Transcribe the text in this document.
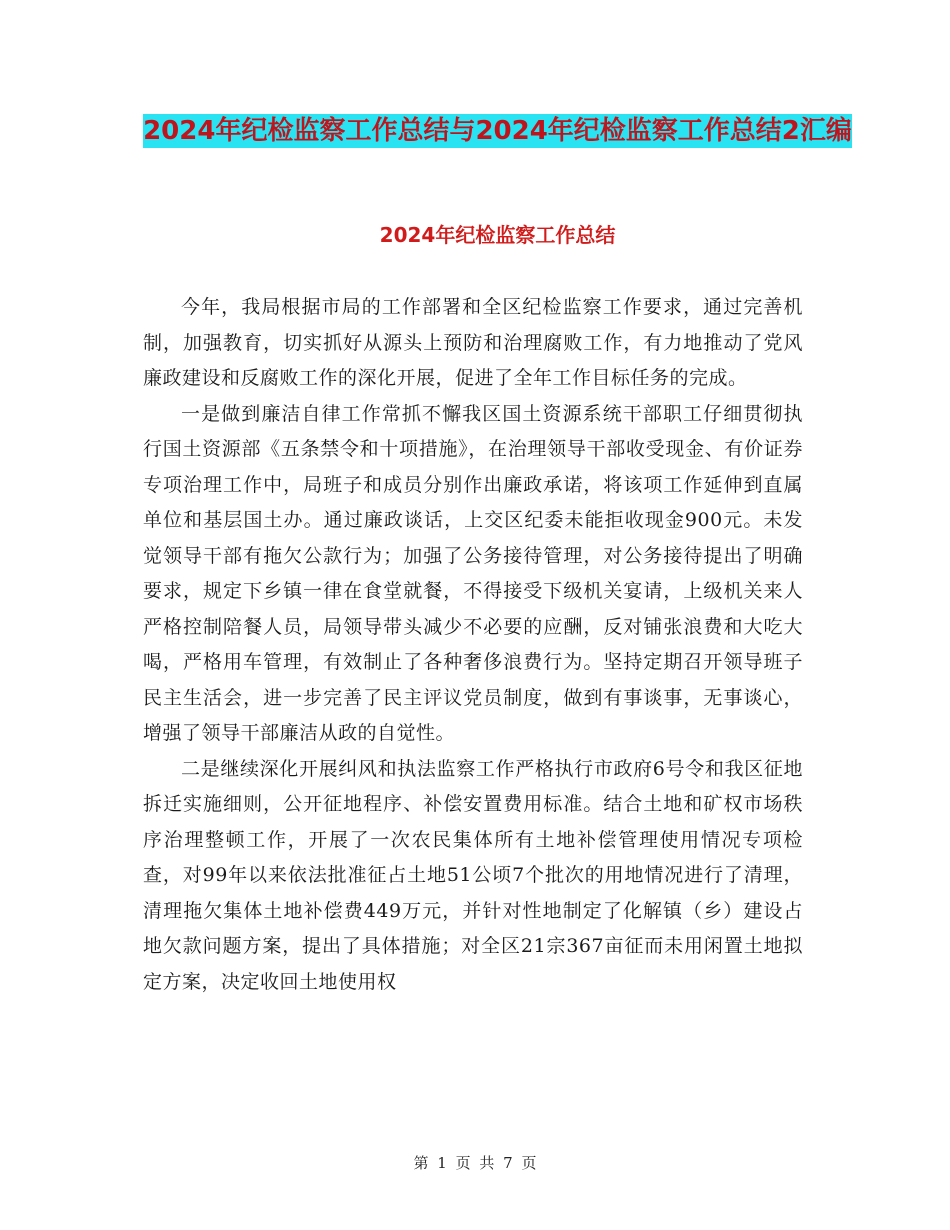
2024年纪检监察工作总结与2024年纪检监察工作总结2汇编
2024年纪检监察工作总结

今年，我局根据市局的工作部署和全区纪检监察工作要求，通过完善机制，加强教育，切实抓好从源头上预防和治理腐败工作，有力地推动了党风廉政建设和反腐败工作的深化开展，促进了全年工作目标任务的完成。

一是做到廉洁自律工作常抓不懈我区国土资源系统干部职工仔细贯彻执行国土资源部《五条禁令和十项措施》，在治理领导干部收受现金、有价证券专项治理工作中，局班子和成员分别作出廉政承诺，将该项工作延伸到直属单位和基层国土办。通过廉政谈话，上交区纪委未能拒收现金900元。未发觉领导干部有拖欠公款行为；加强了公务接待管理，对公务接待提出了明确要求，规定下乡镇一律在食堂就餐，不得接受下级机关宴请，上级机关来人严格控制陪餐人员，局领导带头减少不必要的应酬，反对铺张浪费和大吃大喝，严格用车管理，有效制止了各种奢侈浪费行为。坚持定期召开领导班子民主生活会，进一步完善了民主评议党员制度，做到有事谈事，无事谈心，增强了领导干部廉洁从政的自觉性。

二是继续深化开展纠风和执法监察工作严格执行市政府6号令和我区征地拆迁实施细则，公开征地程序、补偿安置费用标准。结合土地和矿权市场秩序治理整顿工作，开展了一次农民集体所有土地补偿管理使用情况专项检查，对99年以来依法批准征占土地51公顷7个批次的用地情况进行了清理，清理拖欠集体土地补偿费449万元，并针对性地制定了化解镇（乡）建设占地欠款问题方案，提出了具体措施；对全区21宗367亩征而未用闲置土地拟定方案，决定收回土地使用权

第 1 页 共 7 页
